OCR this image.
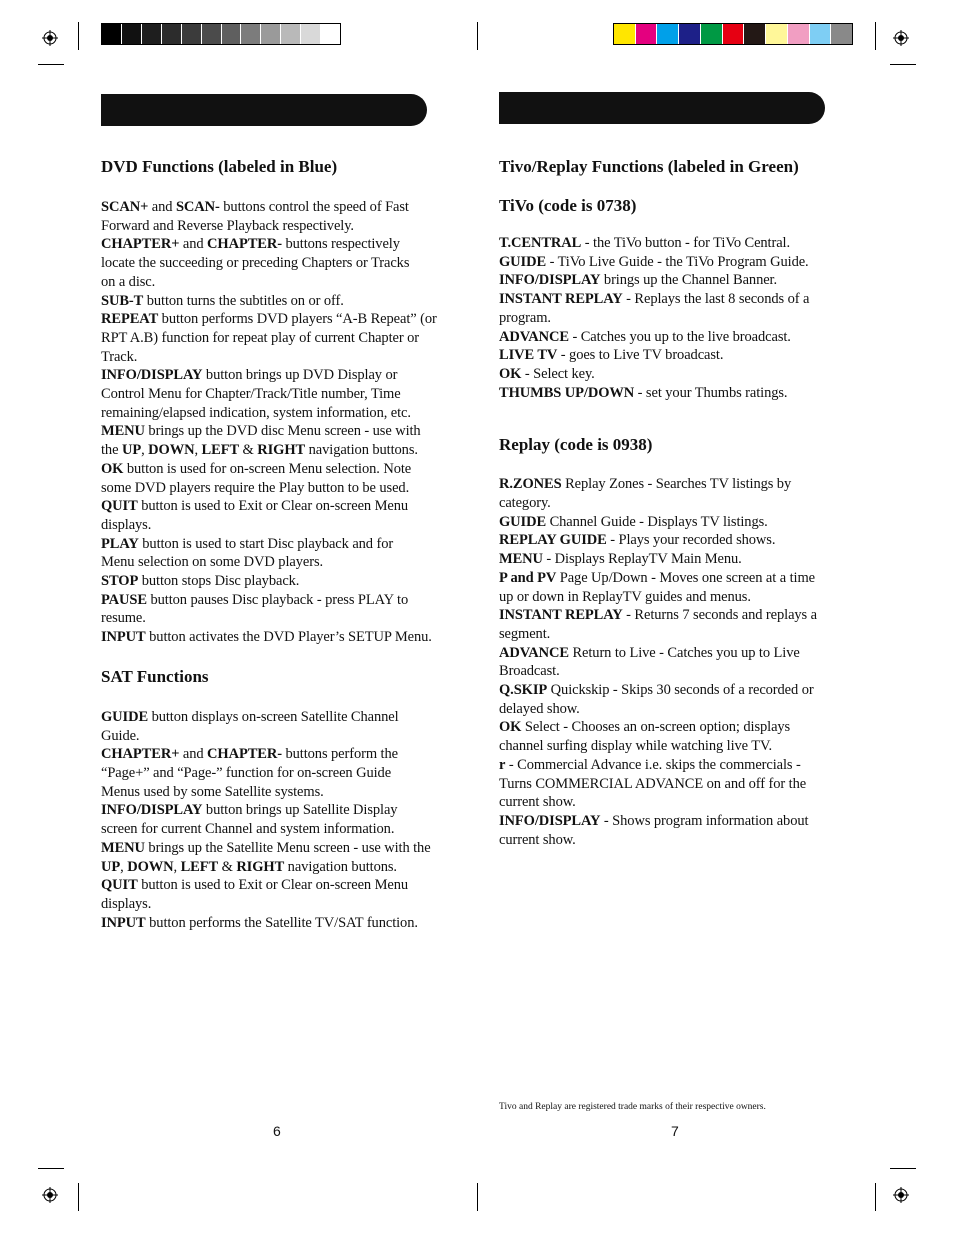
DVD Functions (labeled in Blue)

SCAN+ and SCAN- buttons control the speed of Fast

Forward and Reverse Playback respectively.

CHAPTER+ and CHAPTER- buttons respectively

locate the succeeding or preceding Chapters or Tracks

on a disc.

SUB-T button turns the subtitles on or off.

REPEAT button performs DVD players “A-B Repeat” (or

RPT A.B) function for repeat play of current Chapter or

Track.

INFO/DISPLAY button brings up DVD Display or

Control Menu for Chapter/Track/Title number, Time

remaining/elapsed indication, system information, etc.

MENU brings up the DVD disc Menu screen - use with

the UP, DOWN, LEFT & RIGHT navigation buttons.

OK button is used for on-screen Menu selection. Note

some DVD players require the Play button to be used.

QUIT button is used to Exit or Clear on-screen Menu

displays.

PLAY button is used to start Disc playback and for

Menu selection on some DVD players.

STOP button stops Disc playback.

PAUSE button pauses Disc playback - press PLAY to

resume.

INPUT button activates the DVD Player’s SETUP Menu.

SAT Functions

GUIDE button displays on-screen Satellite Channel

Guide.

CHAPTER+ and CHAPTER- buttons perform the

“Page+” and “Page-” function for on-screen Guide

Menus used by some Satellite systems.

INFO/DISPLAY button brings up Satellite Display

screen for current Channel and system information.

MENU brings up the Satellite Menu screen - use with the

UP, DOWN, LEFT & RIGHT navigation buttons.

QUIT button is used to Exit or Clear on-screen Menu

displays.

INPUT button performs the Satellite TV/SAT function.

Tivo/Replay Functions (labeled in Green)
TiVo (code is 0738)

T.CENTRAL - the TiVo button - for TiVo Central.

GUIDE - TiVo Live Guide - the TiVo Program Guide.

INFO/DISPLAY brings up the Channel Banner.

INSTANT REPLAY - Replays the last 8 seconds of a

program.

ADVANCE - Catches you up to the live broadcast.

LIVE TV - goes to Live TV broadcast.

OK - Select key.

THUMBS UP/DOWN - set your Thumbs ratings.

Replay (code is 0938)

R.ZONES Replay Zones - Searches TV listings by

category.

GUIDE Channel Guide - Displays TV listings.

REPLAY GUIDE - Plays your recorded shows.

MENU - Displays ReplayTV Main Menu.

P and PV Page Up/Down - Moves one screen at a time

up or down in ReplayTV guides and menus.

INSTANT REPLAY - Returns 7 seconds and replays a

segment.

ADVANCE Return to Live - Catches you up to Live

Broadcast.

Q.SKIP Quickskip - Skips 30 seconds of a recorded or

delayed show.

OK Select - Chooses an on-screen option; displays

channel surfing display while watching live TV.

r - Commercial Advance i.e. skips the commercials -

Turns COMMERCIAL ADVANCE on and off for the

current show.

INFO/DISPLAY - Shows program information about

current show.

Tivo and Replay are registered trade marks of their respective owners.
6	7
